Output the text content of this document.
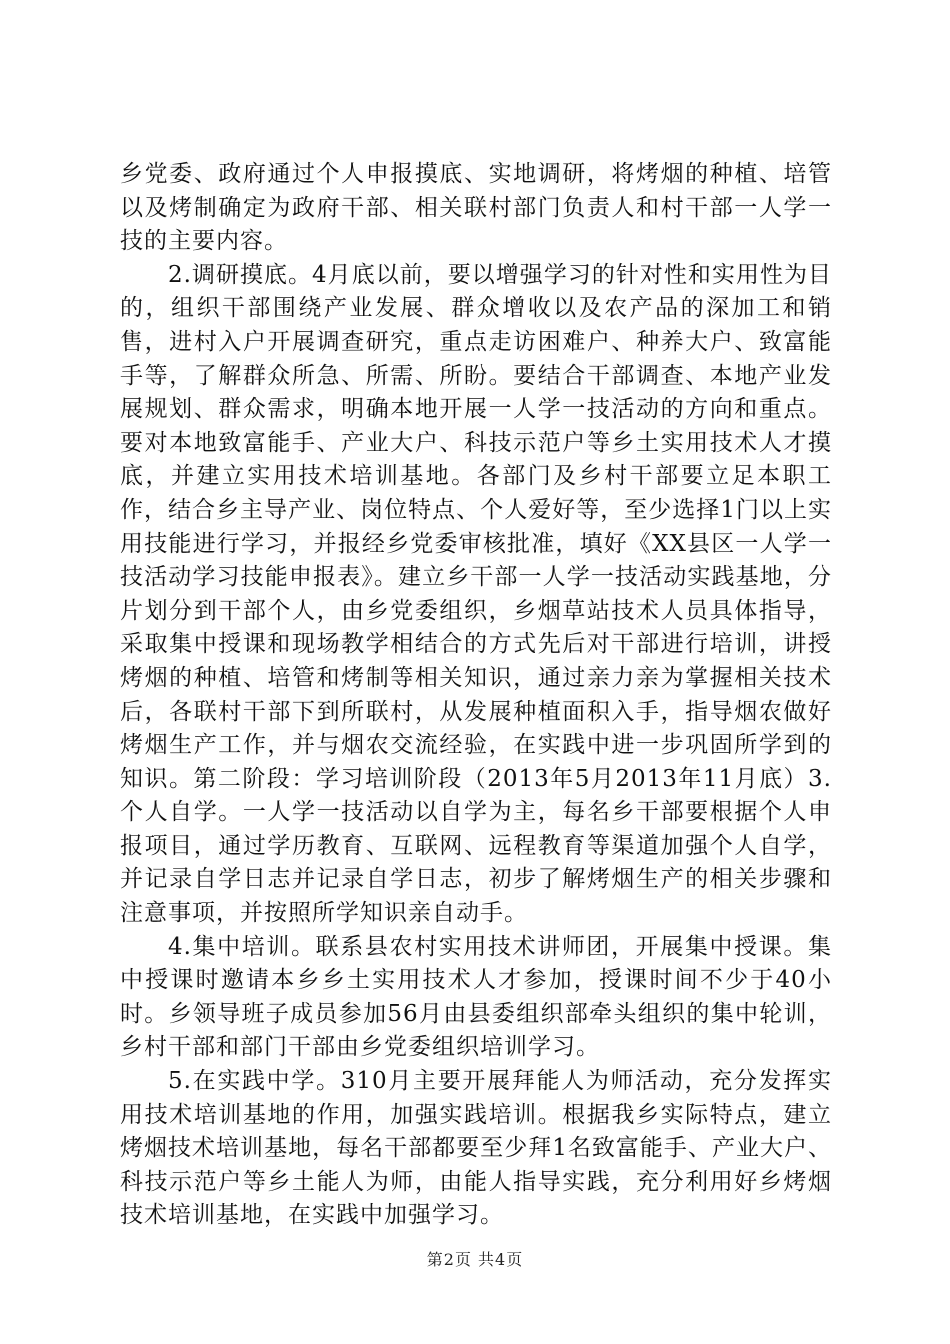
乡党委、政府通过个人申报摸底、实地调研，将烤烟的种植、培管以及烤制确定为政府干部、相关联村部门负责人和村干部一人学一技的主要内容。

2.调研摸底。4月底以前，要以增强学习的针对性和实用性为目的，组织干部围绕产业发展、群众增收以及农产品的深加工和销售，进村入户开展调查研究，重点走访困难户、种养大户、致富能手等，了解群众所急、所需、所盼。要结合干部调查、本地产业发展规划、群众需求，明确本地开展一人学一技活动的方向和重点。要对本地致富能手、产业大户、科技示范户等乡土实用技术人才摸底，并建立实用技术培训基地。各部门及乡村干部要立足本职工作，结合乡主导产业、岗位特点、个人爱好等，至少选择1门以上实用技能进行学习，并报经乡党委审核批准，填好《XX县区一人学一技活动学习技能申报表》。建立乡干部一人学一技活动实践基地，分片划分到干部个人，由乡党委组织，乡烟草站技术人员具体指导，采取集中授课和现场教学相结合的方式先后对干部进行培训，讲授烤烟的种植、培管和烤制等相关知识，通过亲力亲为掌握相关技术后，各联村干部下到所联村，从发展种植面积入手，指导烟农做好烤烟生产工作，并与烟农交流经验，在实践中进一步巩固所学到的知识。第二阶段：学习培训阶段（2013年5月2013年11月底）3.个人自学。一人学一技活动以自学为主，每名乡干部要根据个人申报项目，通过学历教育、互联网、远程教育等渠道加强个人自学，并记录自学日志并记录自学日志，初步了解烤烟生产的相关步骤和注意事项，并按照所学知识亲自动手。

4.集中培训。联系县农村实用技术讲师团，开展集中授课。集中授课时邀请本乡乡土实用技术人才参加，授课时间不少于40小时。乡领导班子成员参加56月由县委组织部牵头组织的集中轮训，乡村干部和部门干部由乡党委组织培训学习。

5.在实践中学。310月主要开展拜能人为师活动，充分发挥实用技术培训基地的作用，加强实践培训。根据我乡实际特点，建立烤烟技术培训基地，每名干部都要至少拜1名致富能手、产业大户、科技示范户等乡土能人为师，由能人指导实践，充分利用好乡烤烟技术培训基地，在实践中加强学习。

第2页 共4页
